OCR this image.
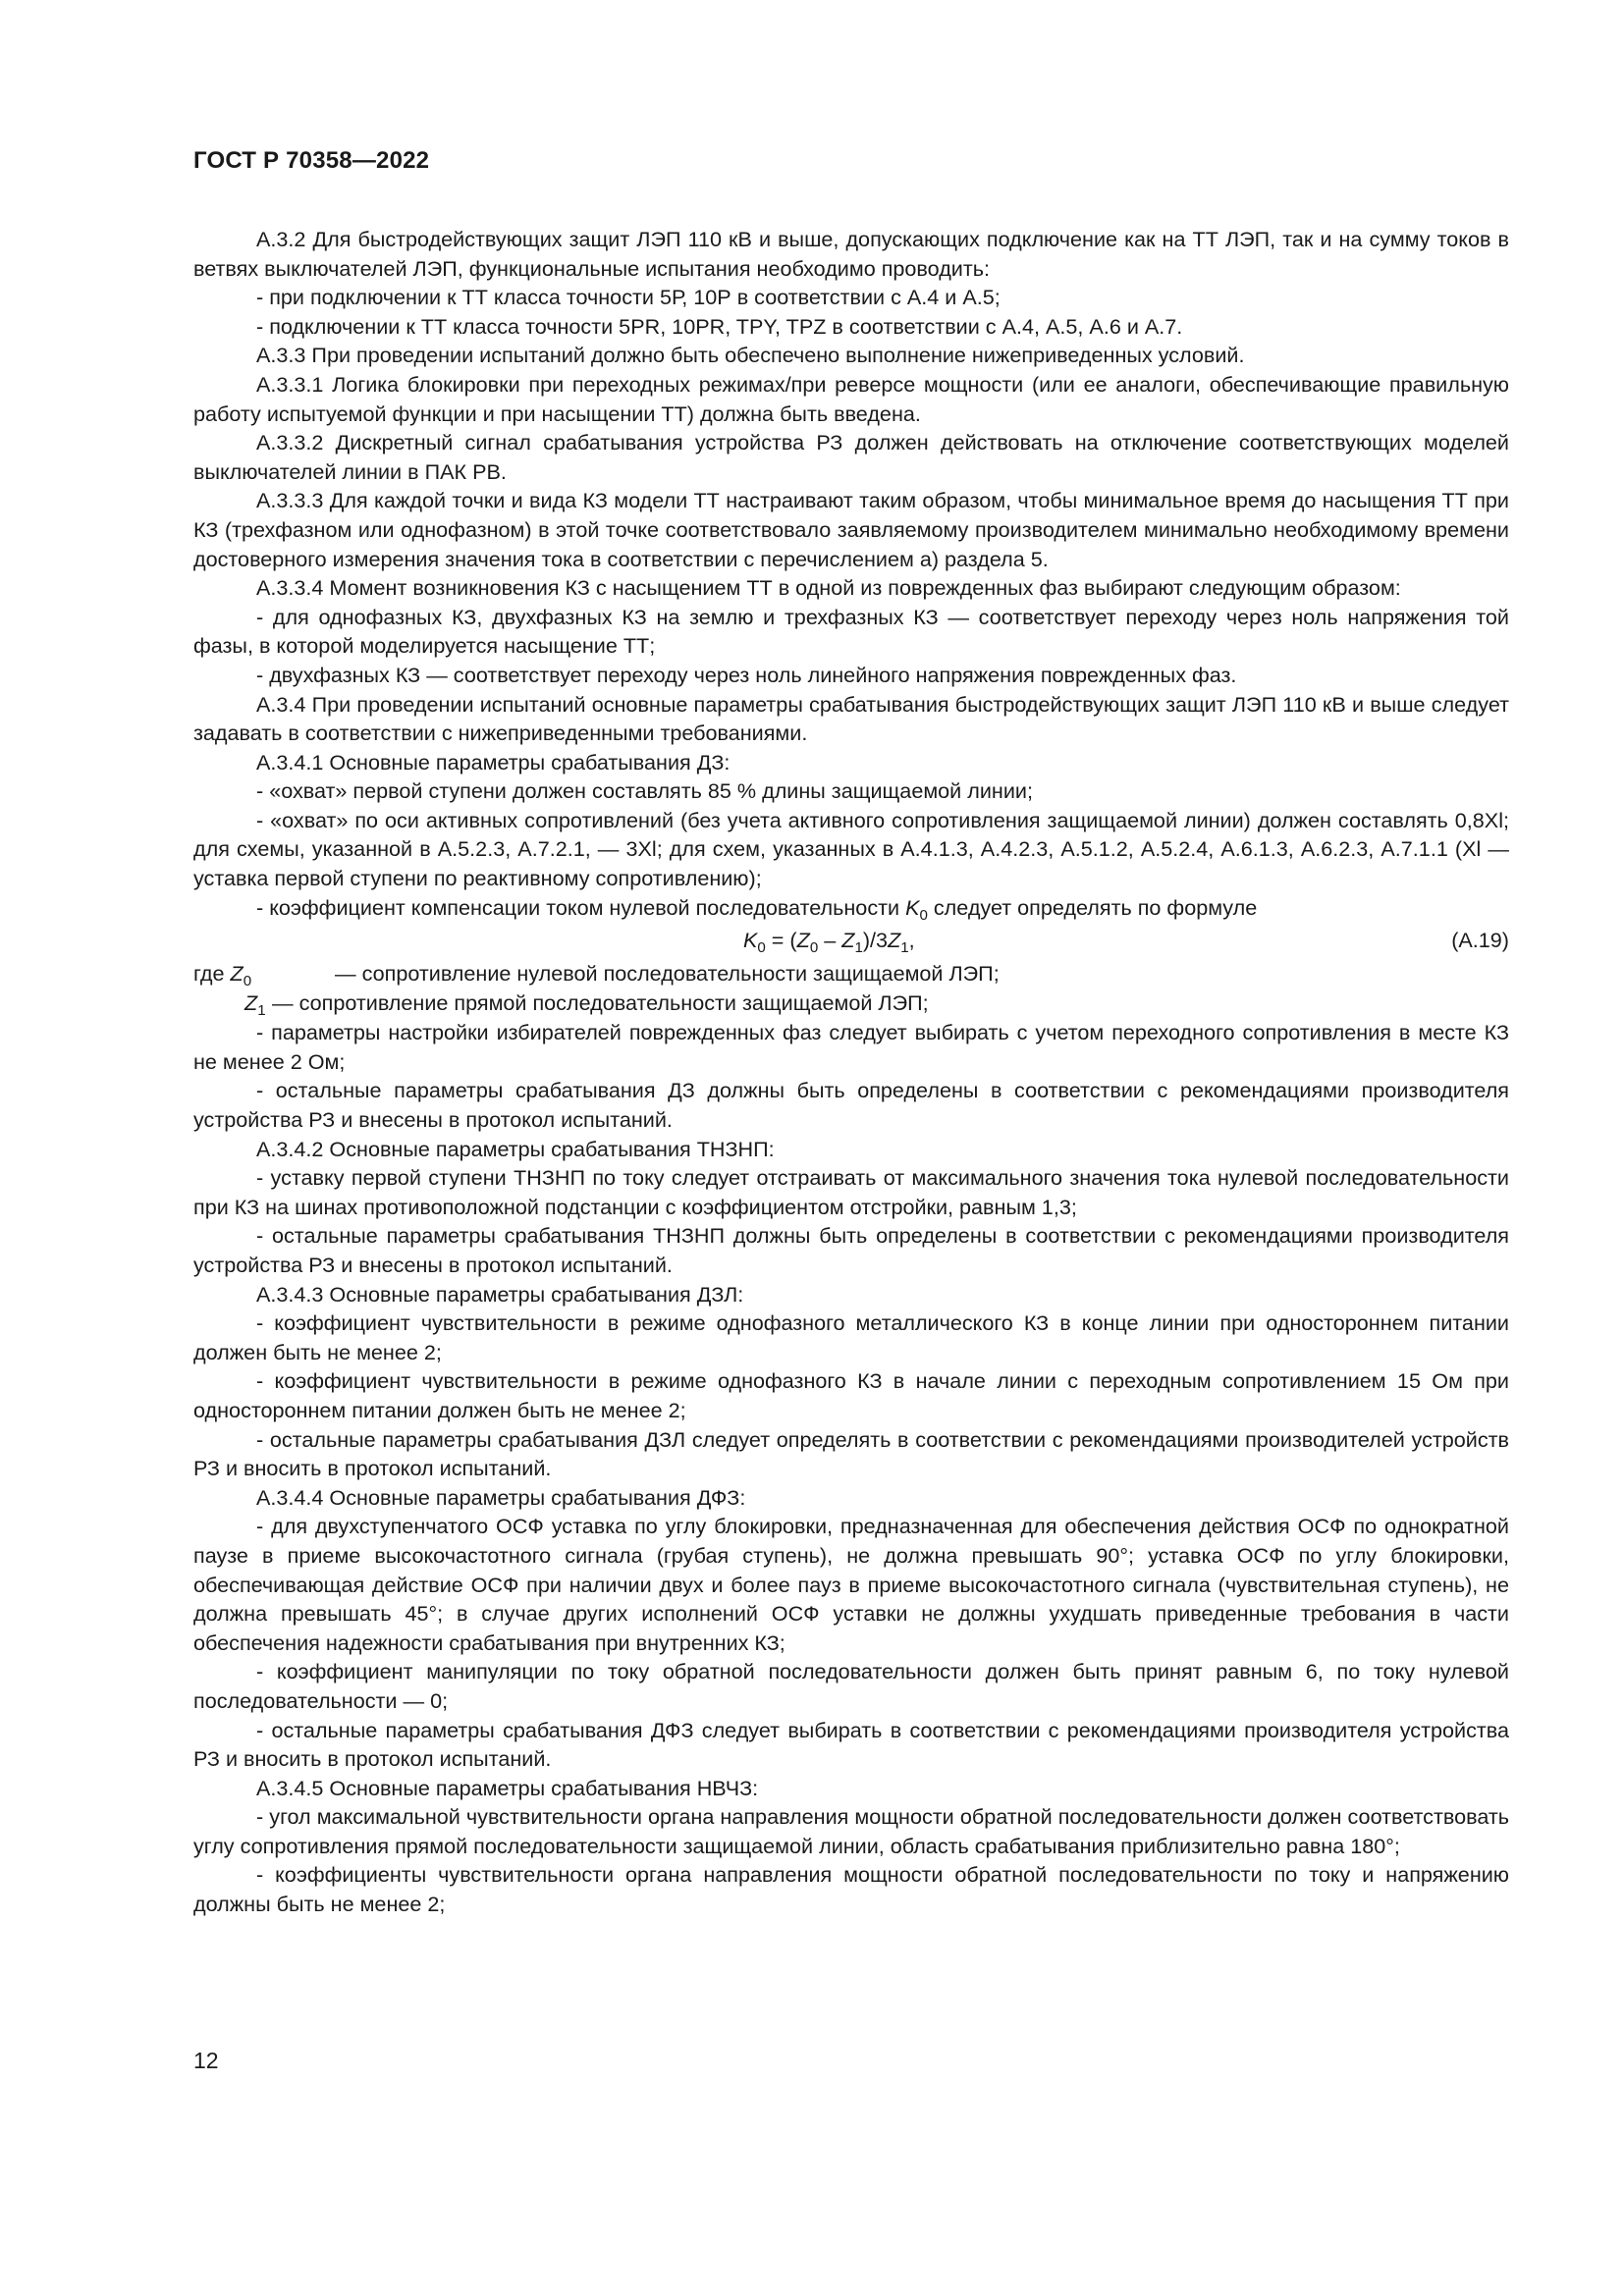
ГОСТ Р 70358—2022

А.3.2 Для быстродействующих защит ЛЭП 110 кВ и выше, допускающих подключение как на ТТ ЛЭП, так и на сумму токов в ветвях выключателей ЛЭП, функциональные испытания необходимо проводить:

- при подключении к ТТ класса точности 5Р, 10Р в соответствии с А.4 и А.5;

- подключении к ТТ класса точности 5PR, 10PR, TPY, TPZ в соответствии с А.4, А.5, А.6 и А.7.

А.3.3 При проведении испытаний должно быть обеспечено выполнение нижеприведенных условий.

А.3.3.1 Логика блокировки при переходных режимах/при реверсе мощности (или ее аналоги, обеспечивающие правильную работу испытуемой функции и при насыщении ТТ) должна быть введена.

А.3.3.2 Дискретный сигнал срабатывания устройства РЗ должен действовать на отключение соответствующих моделей выключателей линии в ПАК РВ.

А.3.3.3 Для каждой точки и вида КЗ модели ТТ настраивают таким образом, чтобы минимальное время до насыщения ТТ при КЗ (трехфазном или однофазном) в этой точке соответствовало заявляемому производителем минимально необходимому времени достоверного измерения значения тока в соответствии с перечислением а) раздела 5.

А.3.3.4 Момент возникновения КЗ с насыщением ТТ в одной из поврежденных фаз выбирают следующим образом:

- для однофазных КЗ, двухфазных КЗ на землю и трехфазных КЗ — соответствует переходу через ноль напряжения той фазы, в которой моделируется насыщение ТТ;

- двухфазных КЗ — соответствует переходу через ноль линейного напряжения поврежденных фаз.

А.3.4 При проведении испытаний основные параметры срабатывания быстродействующих защит ЛЭП 110 кВ и выше следует задавать в соответствии с нижеприведенными требованиями.

А.3.4.1 Основные параметры срабатывания ДЗ:

- «охват» первой ступени должен составлять 85 % длины защищаемой линии;

- «охват» по оси активных сопротивлений (без учета активного сопротивления защищаемой линии) должен составлять 0,8Xl; для схемы, указанной в А.5.2.3, А.7.2.1, — 3Xl; для схем, указанных в А.4.1.3, А.4.2.3, А.5.1.2, А.5.2.4, А.6.1.3, А.6.2.3, А.7.1.1 (Xl — уставка первой ступени по реактивному сопротивлению);

- коэффициент компенсации током нулевой последовательности $K_0$ следует определять по формуле

$K_0 = (Z_0 - Z_1)/3Z_1$,	(А.19)
где $Z_0$	— сопротивление нулевой последовательности защищаемой ЛЭП;
$Z_1$ — сопротивление прямой последовательности защищаемой ЛЭП;

- параметры настройки избирателей поврежденных фаз следует выбирать с учетом переходного сопротивления в месте КЗ не менее 2 Ом;

- остальные параметры срабатывания ДЗ должны быть определены в соответствии с рекомендациями производителя устройства РЗ и внесены в протокол испытаний.

А.3.4.2 Основные параметры срабатывания ТНЗНП:

- уставку первой ступени ТНЗНП по току следует отстраивать от максимального значения тока нулевой последовательности при КЗ на шинах противоположной подстанции с коэффициентом отстройки, равным 1,3;

- остальные параметры срабатывания ТНЗНП должны быть определены в соответствии с рекомендациями производителя устройства РЗ и внесены в протокол испытаний.

А.3.4.3 Основные параметры срабатывания ДЗЛ:

- коэффициент чувствительности в режиме однофазного металлического КЗ в конце линии при одностороннем питании должен быть не менее 2;

- коэффициент чувствительности в режиме однофазного КЗ в начале линии с переходным сопротивлением 15 Ом при одностороннем питании должен быть не менее 2;

- остальные параметры срабатывания ДЗЛ следует определять в соответствии с рекомендациями производителей устройств РЗ и вносить в протокол испытаний.

А.3.4.4 Основные параметры срабатывания ДФЗ:

- для двухступенчатого ОСФ уставка по углу блокировки, предназначенная для обеспечения действия ОСФ по однократной паузе в приеме высокочастотного сигнала (грубая ступень), не должна превышать 90°; уставка ОСФ по углу блокировки, обеспечивающая действие ОСФ при наличии двух и более пауз в приеме высокочастотного сигнала (чувствительная ступень), не должна превышать 45°; в случае других исполнений ОСФ уставки не должны ухудшать приведенные требования в части обеспечения надежности срабатывания при внутренних КЗ;

- коэффициент манипуляции по току обратной последовательности должен быть принят равным 6, по току нулевой последовательности — 0;

- остальные параметры срабатывания ДФЗ следует выбирать в соответствии с рекомендациями производителя устройства РЗ и вносить в протокол испытаний.

А.3.4.5 Основные параметры срабатывания НВЧЗ:

- угол максимальной чувствительности органа направления мощности обратной последовательности должен соответствовать углу сопротивления прямой последовательности защищаемой линии, область срабатывания приблизительно равна 180°;

- коэффициенты чувствительности органа направления мощности обратной последовательности по току и напряжению должны быть не менее 2;

12
